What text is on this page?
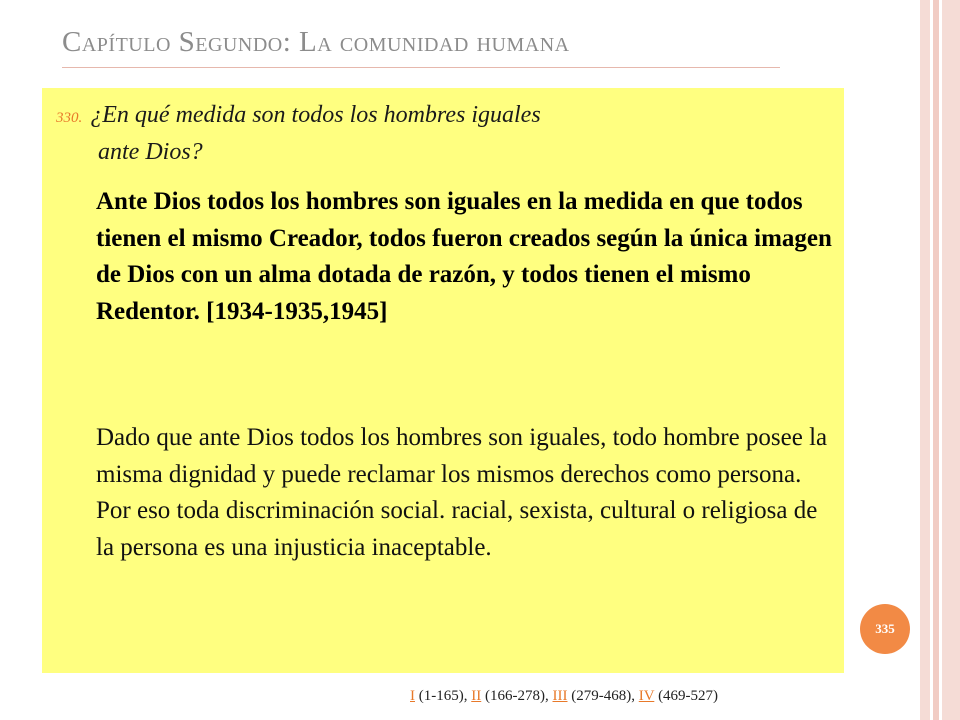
Capítulo Segundo: La comunidad humana
330. ¿En qué medida son todos los hombres iguales
ante Dios?
Ante Dios todos los hombres son iguales en la medida en que todos tienen el mismo Creador, todos fueron creados según la única imagen de Dios con un alma dotada de razón, y todos tienen el mismo Redentor. [1934-1935,1945]
Dado que ante Dios todos los hombres son iguales, todo hombre posee la misma dignidad y puede reclamar los mismos derechos como persona. Por eso toda discriminación social. racial, sexista, cultural o religiosa de la persona es una injusticia inaceptable.
335
I (1-165), II (166-278), III (279-468), IV (469-527)
